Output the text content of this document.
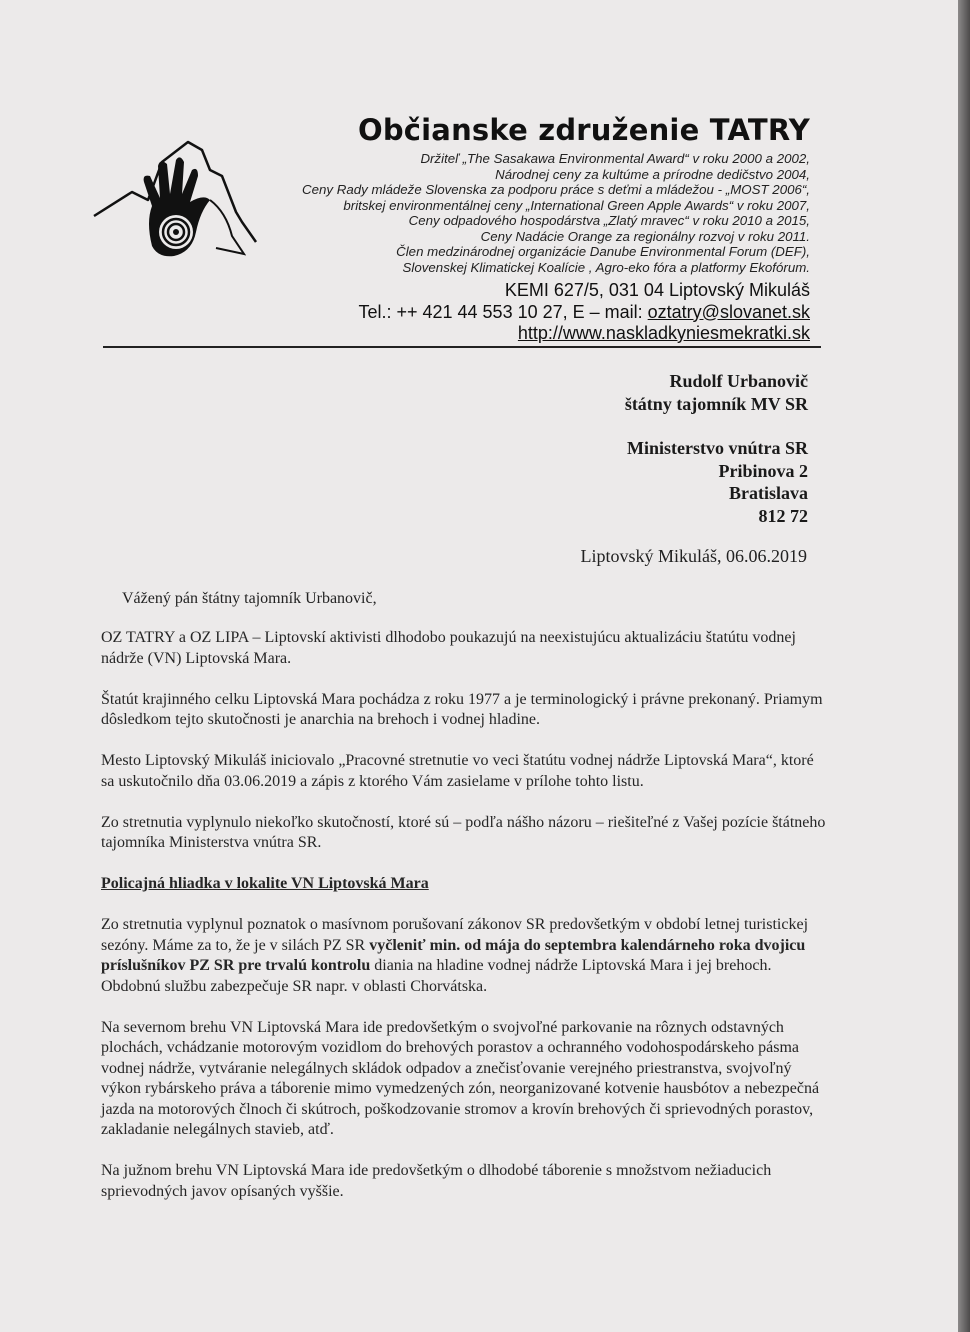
Občianske združenie TATRY
Držiteľ „The Sasakawa Environmental Award“ v roku 2000 a 2002,
Národnej ceny za kultúme a prírodne dedičstvo 2004,
Ceny Rady mládeže Slovenska za podporu práce s deťmi a mládežou - „MOST 2006“,
britskej environmentálnej ceny „International Green Apple Awards“ v roku 2007,
Ceny odpadového hospodárstva „Zlatý mravec“ v roku 2010 a 2015,
Ceny Nadácie Orange za regionálny rozvoj v roku 2011.
Člen medzinárodnej organizácie Danube Environmental Forum (DEF),
Slovenskej Klimatickej Koalície , Agro-eko fóra a platformy Ekofórum.
KEMI 627/5, 031 04 Liptovský Mikuláš
Tel.: ++ 421 44 553 10 27, E – mail: oztatry@slovanet.sk
http://www.naskladkyniesmekratki.sk
Rudolf Urbanovič
štátny tajomník MV SR
Ministerstvo vnútra SR
Pribinova 2
Bratislava
812 72
Liptovský Mikuláš, 06.06.2019
Vážený pán štátny tajomník Urbanovič,

OZ TATRY a OZ LIPA – Liptovskí aktivisti dlhodobo poukazujú na neexistujúcu aktualizáciu štatútu vodnej nádrže (VN) Liptovská Mara.

Štatút krajinného celku Liptovská Mara pochádza z roku 1977 a je terminologický i právne prekonaný. Priamym dôsledkom tejto skutočnosti je anarchia na brehoch i vodnej hladine.

Mesto Liptovský Mikuláš inicioval​o „Pracovné stretnutie vo veci štatútu vodnej nádrže Liptovská Mara“, ktoré sa uskutočnilo dňa 03.06.2019 a zápis z ktorého Vám zasielame v prílohe tohto listu.

Zo stretnutia vyplynulo niekoľko skutočností, ktoré sú – podľa nášho názoru – riešiteľné z Vašej pozície štátneho tajomníka Ministerstva vnútra SR.

Policajná hliadka v lokalite VN Liptovská Mara

Zo stretnutia vyplynul poznatok o masívnom porušovaní zákonov SR predovšetkým v období letnej turistickej sezóny. Máme za to, že je v silách PZ SR vyčleniť min. od mája do septembra kalendárneho roka dvojicu príslušníkov PZ SR pre trvalú kontrolu diania na hladine vodnej nádrže Liptovská Mara i jej brehoch. Obdobnú službu zabezpečuje SR napr. v oblasti Chorvátska.

Na severnom brehu VN Liptovská Mara ide predovšetkým o svojvoľné parkovanie na rôznych odstavných plochách, vchádzanie motorovým vozidlom do brehových porastov a ochranného vodohospodárskeho pásma vodnej nádrže, vytváranie nelegálnych skládok odpadov a znečisťovanie verejného priestranstva, svojvoľný výkon rybárskeho práva a táborenie mimo vymedzených zón, neorganizované kotvenie hausbótov a nebezpečná jazda na motorových člnoch či skútroch, poškodzovanie stromov a krovín brehových či sprievodných porastov, zakladanie nelegálnych stavieb, atď.

Na južnom brehu VN Liptovská Mara ide predovšetkým o dlhodobé táborenie s množstvom nežiaducich sprievodných javov opísaných vyššie.
